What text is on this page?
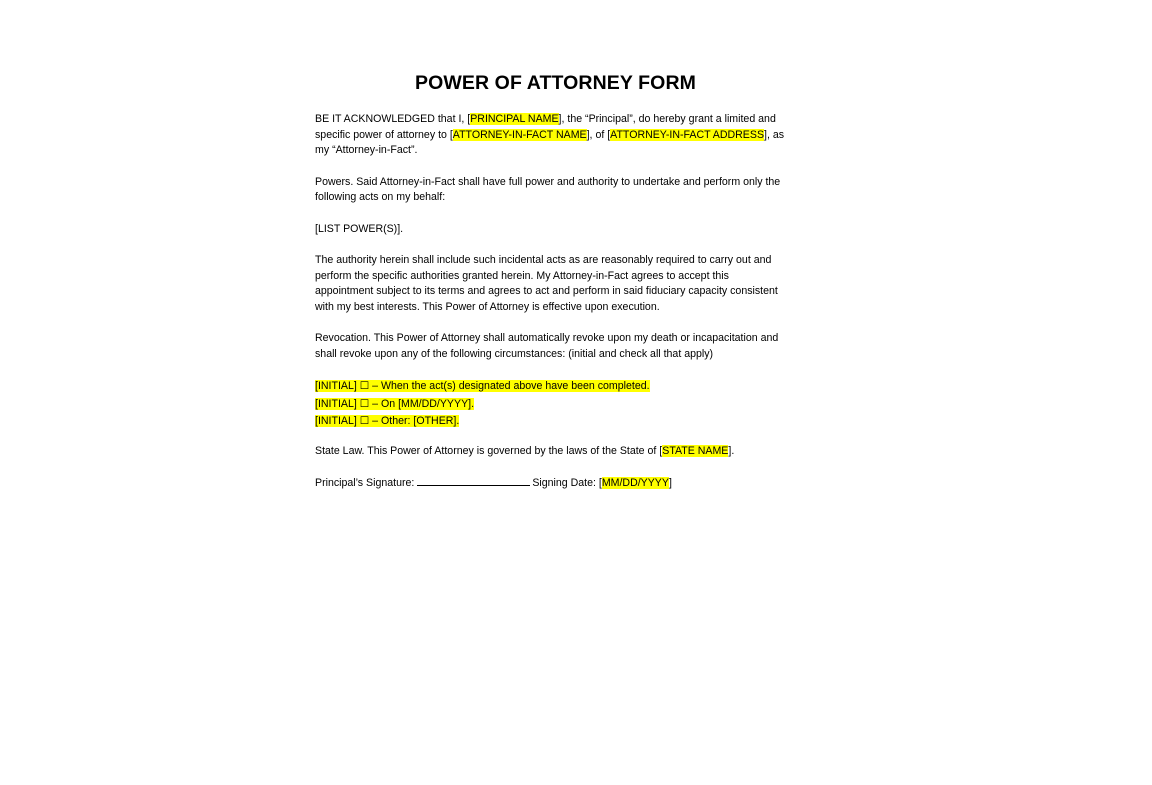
POWER OF ATTORNEY FORM

BE IT ACKNOWLEDGED that I, [PRINCIPAL NAME], the “Principal”, do hereby grant a limited and specific power of attorney to [ATTORNEY-IN-FACT NAME], of [ATTORNEY-IN-FACT ADDRESS], as my “Attorney-in-Fact”.

Powers. Said Attorney-in-Fact shall have full power and authority to undertake and perform only the following acts on my behalf:

[LIST POWER(S)].

The authority herein shall include such incidental acts as are reasonably required to carry out and perform the specific authorities granted herein. My Attorney-in-Fact agrees to accept this appointment subject to its terms and agrees to act and perform in said fiduciary capacity consistent with my best interests. This Power of Attorney is effective upon execution.

Revocation. This Power of Attorney shall automatically revoke upon my death or incapacitation and shall revoke upon any of the following circumstances: (initial and check all that apply)

[INITIAL] ☐ – When the act(s) designated above have been completed.
[INITIAL] ☐ – On [MM/DD/YYYY].
[INITIAL] ☐ – Other: [OTHER].

State Law. This Power of Attorney is governed by the laws of the State of [STATE NAME].

Principal’s Signature:	Signing Date: [MM/DD/YYYY]
